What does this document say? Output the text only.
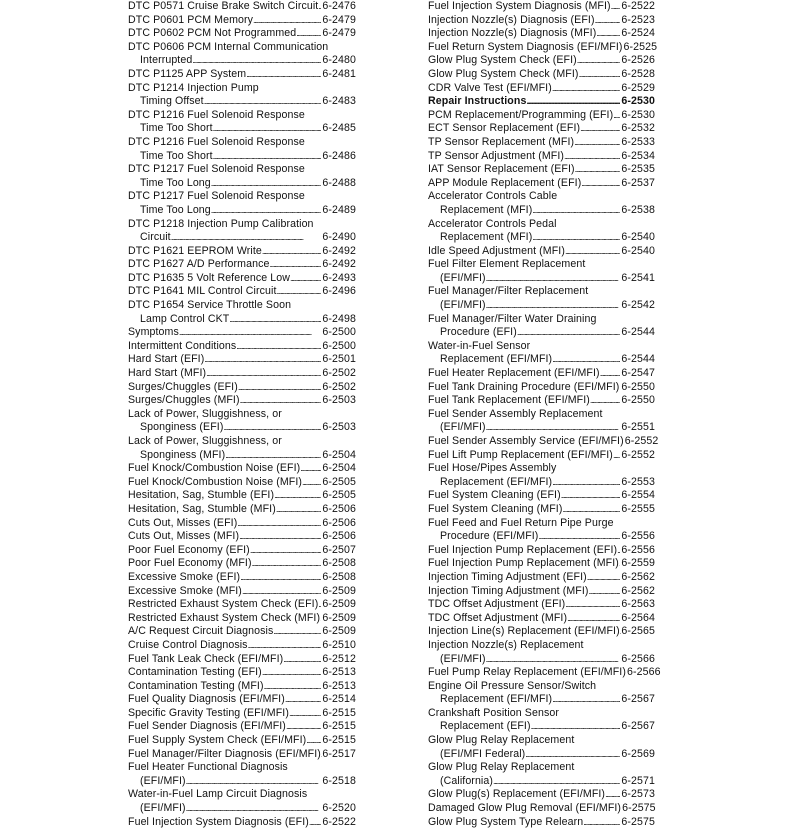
DTC P0571 Cruise Brake Switch Circuit . . . 6-2476
DTC P0601 PCM Memory . . .	6-2479
DTC P0602 PCM Not Programmed . . . 6-2479
DTC P0606 PCM Internal Communication
Interrupted . . .	6-2480
DTC P1125 APP System . . .	6-2481
DTC P1214 Injection Pump
Timing Offset . . .	6-2483
DTC P1216 Fuel Solenoid Response
Time Too Short . . .	6-2485
DTC P1216 Fuel Solenoid Response
Time Too Short . . .	6-2486
DTC P1217 Fuel Solenoid Response
Time Too Long . . .	6-2488
DTC P1217 Fuel Solenoid Response
Time Too Long . . .	6-2489
DTC P1218 Injection Pump Calibration
Circuit . . .	6-2490
DTC P1621 EEPROM Write . . .	6-2492
DTC P1627 A/D Performance . . .	6-2492
DTC P1635 5 Volt Reference Low . . .	6-2493
DTC P1641 MIL Control Circuit . . .	6-2496
DTC P1654 Service Throttle Soon
Lamp Control CKT . . .	6-2498
Symptoms . . .	6-2500
Intermittent Conditions . . .	6-2500
Hard Start (EFI) . . .	6-2501
Hard Start (MFI) . . .	6-2502
Surges/Chuggles (EFI) . . .	6-2502
Surges/Chuggles (MFI) . . .	6-2503
Lack of Power, Sluggishness, or
Sponginess (EFI) . . .	6-2503
Lack of Power, Sluggishness, or
Sponginess (MFI) . . .	6-2504
Fuel Knock/Combustion Noise (EFI) . . . 6-2504
Fuel Knock/Combustion Noise (MFI) . . . 6-2505
Hesitation, Sag, Stumble (EFI) . . .	6-2505
Hesitation, Sag, Stumble (MFI) . . .	6-2506
Cuts Out, Misses (EFI) . . .	6-2506
Cuts Out, Misses (MFI) . . .	6-2506
Poor Fuel Economy (EFI) . . .	6-2507
Poor Fuel Economy (MFI) . . .	6-2508
Excessive Smoke (EFI) . . .	6-2508
Excessive Smoke (MFI) . . .	6-2509
Restricted Exhaust System Check (EFI) . . . 6-2509
Restricted Exhaust System Check (MFI) . . . 6-2509
A/C Request Circuit Diagnosis . . .	6-2509
Cruise Control Diagnosis . . .	6-2510
Fuel Tank Leak Check (EFI/MFI) . . .	6-2512
Contamination Testing (EFI) . . .	6-2513
Contamination Testing (MFI) . . .	6-2513
Fuel Quality Diagnosis (EFI/MFI) . . .	6-2514
Specific Gravity Testing (EFI/MFI) . . .	6-2515
Fuel Sender Diagnosis (EFI/MFI) . . .	6-2515
Fuel Supply System Check (EFI/MFI) . . . 6-2515
Fuel Manager/Filter Diagnosis (EFI/MFI) . . . 6-2517
Fuel Heater Functional Diagnosis
(EFI/MFI) . . .	6-2518
Water-in-Fuel Lamp Circuit Diagnosis
(EFI/MFI) . . .	6-2520
Fuel Injection System Diagnosis (EFI) . . . 6-2522
Fuel Injection System Diagnosis (MFI) . . . 6-2522
Injection Nozzle(s) Diagnosis (EFI) . . .	6-2523
Injection Nozzle(s) Diagnosis (MFI) . . . 6-2524
Fuel Return System Diagnosis (EFI/MFI) 6-2525
Glow Plug System Check (EFI) . . .	6-2526
Glow Plug System Check (MFI) . . .	6-2528
CDR Valve Test (EFI/MFI) . . .	6-2529
Repair Instructions . . .	6-2530
PCM Replacement/Programming (EFI) . . . 6-2530
ECT Sensor Replacement (EFI) . . .	6-2532
TP Sensor Replacement (MFI) . . .	6-2533
TP Sensor Adjustment (MFI) . . .	6-2534
IAT Sensor Replacement (EFI) . . .	6-2535
APP Module Replacement (EFI) . . .	6-2537
Accelerator Controls Cable
Replacement (MFI) . . .	6-2538
Accelerator Controls Pedal
Replacement (MFI) . . .	6-2540
Idle Speed Adjustment (MFI) . . .	6-2540
Fuel Filter Element Replacement
(EFI/MFI) . . .	6-2541
Fuel Manager/Filter Replacement
(EFI/MFI) . . .	6-2542
Fuel Manager/Filter Water Draining
Procedure (EFI) . . .	6-2544
Water-in-Fuel Sensor
Replacement (EFI/MFI) . . .	6-2544
Fuel Heater Replacement (EFI/MFI) . . . 6-2547
Fuel Tank Draining Procedure (EFI/MFI) . . . 6-2550
Fuel Tank Replacement (EFI/MFI) . . .	6-2550
Fuel Sender Assembly Replacement
(EFI/MFI) . . .	6-2551
Fuel Sender Assembly Service (EFI/MFI) 6-2552
Fuel Lift Pump Replacement (EFI/MFI) . . . 6-2552
Fuel Hose/Pipes Assembly
Replacement (EFI/MFI) . . .	6-2553
Fuel System Cleaning (EFI) . . .	6-2554
Fuel System Cleaning (MFI) . . .	6-2555
Fuel Feed and Fuel Return Pipe Purge
Procedure (EFI/MFI) . . .	6-2556
Fuel Injection Pump Replacement (EFI) . . . 6-2556
Fuel Injection Pump Replacement (MFI) . . . 6-2559
Injection Timing Adjustment (EFI) . . .	6-2562
Injection Timing Adjustment (MFI) . . .	6-2562
TDC Offset Adjustment (EFI) . . .	6-2563
TDC Offset Adjustment (MFI) . . .	6-2564
Injection Line(s) Replacement (EFI/MFI) . . . 6-2565
Injection Nozzle(s) Replacement
(EFI/MFI) . . .	6-2566
Fuel Pump Relay Replacement (EFI/MFI) 6-2566
Engine Oil Pressure Sensor/Switch
Replacement (EFI/MFI) . . .	6-2567
Crankshaft Position Sensor
Replacement (EFI) . . .	6-2567
Glow Plug Relay Replacement
(EFI/MFI Federal) . . .	6-2569
Glow Plug Relay Replacement
(California) . . .	6-2571
Glow Plug(s) Replacement (EFI/MFI) . . . 6-2573
Damaged Glow Plug Removal (EFI/MFI) 6-2575
Glow Plug System Type Relearn . . .	6-2575
